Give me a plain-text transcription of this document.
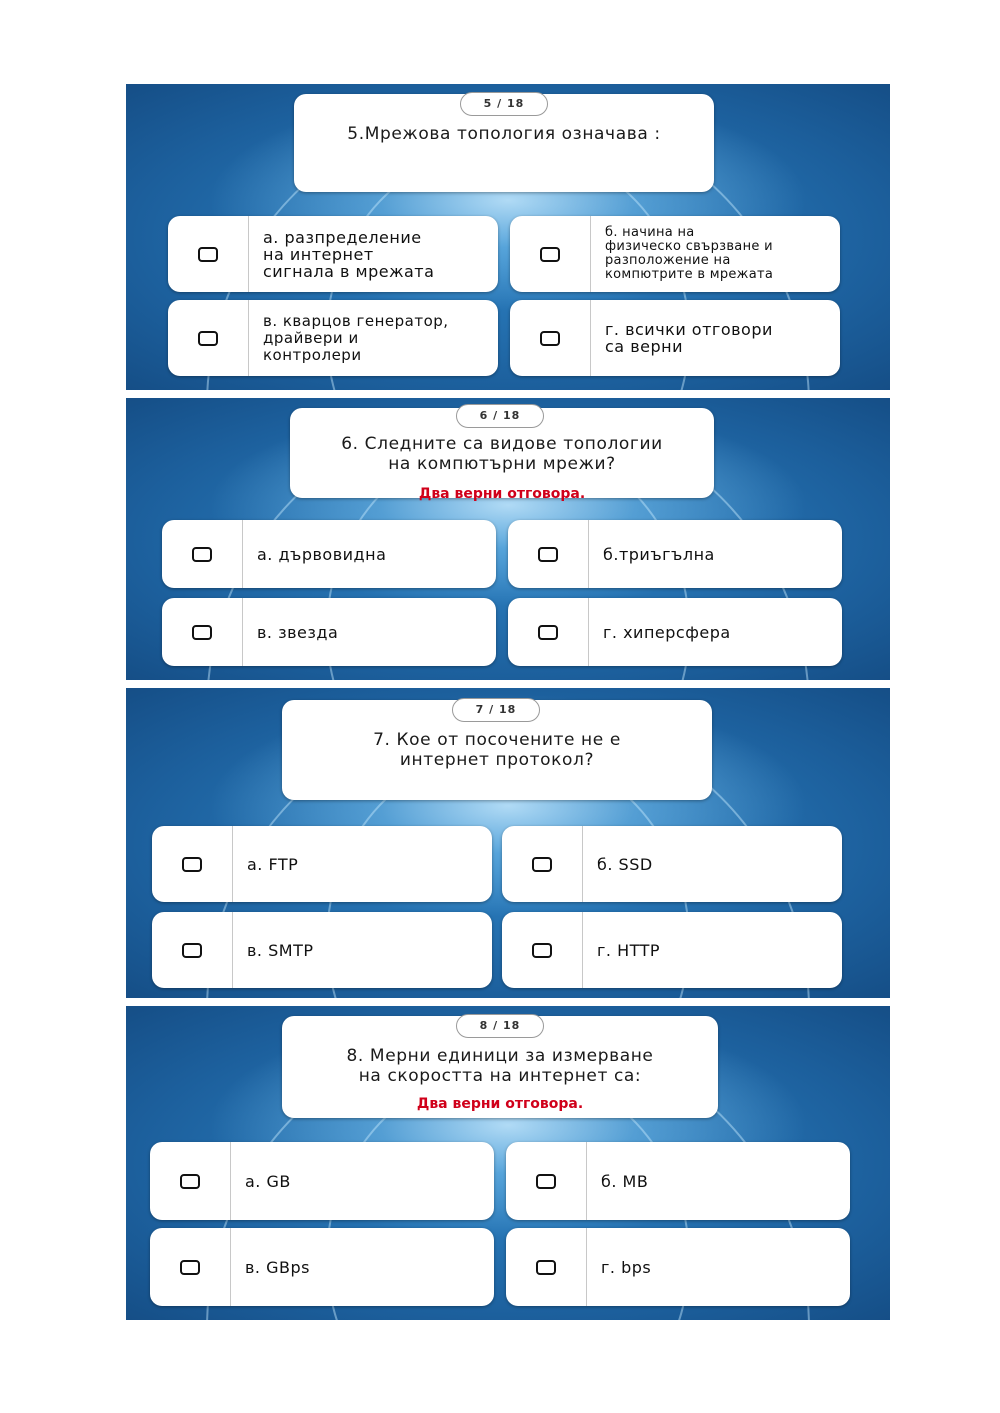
5 / 18
5.Мрежова топология означава :
а. разпределение
на интернет
сигнала в мрежата
б. начина на
физическо свързване и
разположение на
компютрите в мрежата
в. кварцов генератор,
драйвери и
контролери
г. всички отговори
са верни
6 / 18
6. Следните са видове топологии
на компютърни мрежи?
Два верни отговора.
а. дървовидна	б.триъгълна
в. звезда	г. хиперсфера
7 / 18
7. Кое от посочените не е
интернет протокол?
а. FTP	б. SSD
в. SMTP	г. HTTP
8 / 18
8. Мерни единици за измерване
на скоростта на интернет са:
Два верни отговора.
а. GB	б. MB
в. GBps	г. bps
